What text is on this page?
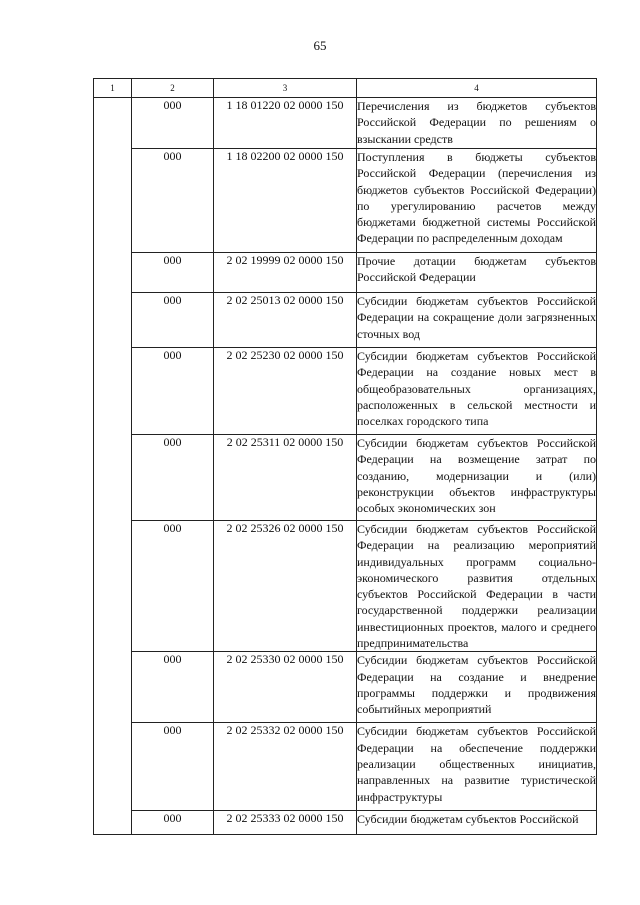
65
1	2	3	4
	000	1 18 01220 02 0000 150	Перечисления из бюджетов субъектов Российской Федерации по решениям о взыскании средств
	000	1 18 02200 02 0000 150	Поступления в бюджеты субъектов Российской Федерации (перечисления из бюджетов субъектов Российской Федерации) по урегулированию расчетов между бюджетами бюджетной системы Российской Федерации по распределенным доходам
	000	2 02 19999 02 0000 150	Прочие дотации бюджетам субъектов Российской Федерации
	000	2 02 25013 02 0000 150	Субсидии бюджетам субъектов Российской Федерации на сокращение доли загрязненных сточных вод
	000	2 02 25230 02 0000 150	Субсидии бюджетам субъектов Российской Федерации на создание новых мест в общеобразовательных организациях, расположенных в сельской местности и поселках городского типа
	000	2 02 25311 02 0000 150	Субсидии бюджетам субъектов Российской Федерации на возмещение затрат по созданию, модернизации и (или) реконструкции объектов инфраструктуры особых экономических зон
	000	2 02 25326 02 0000 150	Субсидии бюджетам субъектов Российской Федерации на реализацию мероприятий индивидуальных программ социально-экономического развития отдельных субъектов Российской Федерации в части государственной поддержки реализации инвестиционных проектов, малого и среднего предпринимательства
	000	2 02 25330 02 0000 150	Субсидии бюджетам субъектов Российской Федерации на создание и внедрение программы поддержки и продвижения событийных мероприятий
	000	2 02 25332 02 0000 150	Субсидии бюджетам субъектов Российской Федерации на обеспечение поддержки реализации общественных инициатив, направленных на развитие туристической инфраструктуры
	000	2 02 25333 02 0000 150	Субсидии бюджетам субъектов Российской
